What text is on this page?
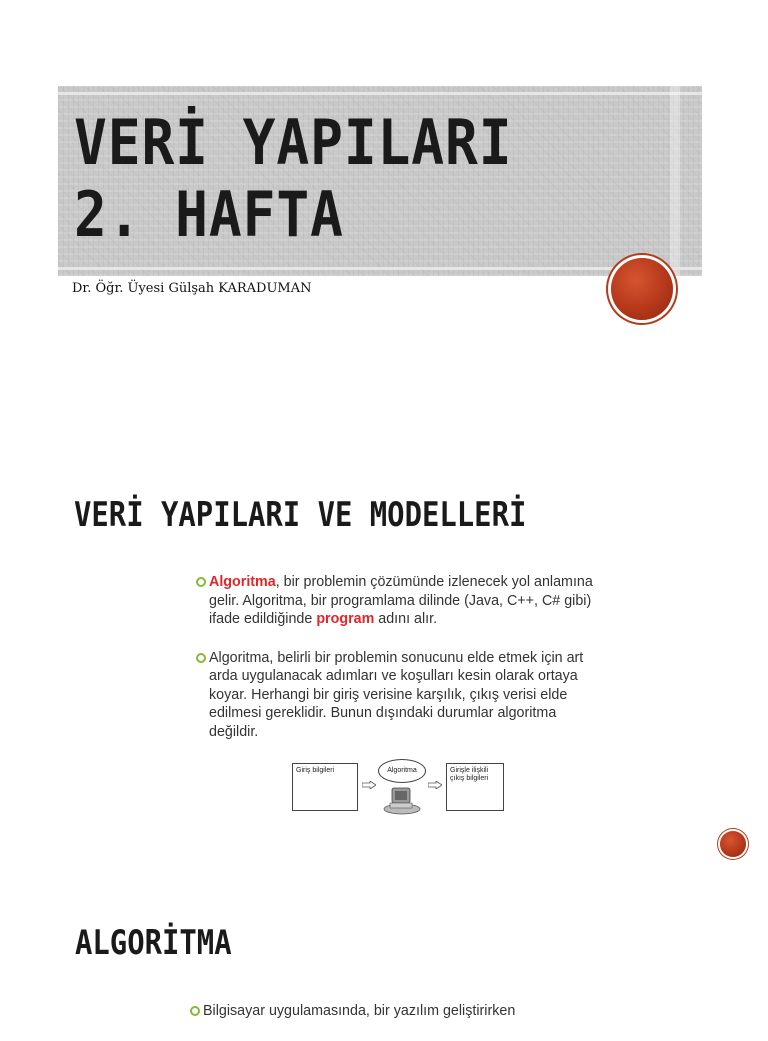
VERİ YAPILARI
2. HAFTA

Dr. Öğr. Üyesi Gülşah KARADUMAN

VERİ YAPILARI VE MODELLERİ
Algoritma, bir problemin çözümünde izlenecek yol anlamına gelir. Algoritma, bir programlama dilinde (Java, C++, C# gibi) ifade edildiğinde program adını alır.
Algoritma, belirli bir problemin sonucunu elde etmek için art arda uygulanacak adımları ve koşulları kesin olarak ortaya koyar. Herhangi bir giriş verisine karşılık, çıkış verisi elde edilmesi gereklidir. Bunun dışındaki durumlar algoritma değildir.
Giriş bilgileri	Algoritma	Girişle ilişkili çıkış bilgileri
ALGORİTMA
Bilgisayar uygulamasında, bir yazılım geliştirirken
